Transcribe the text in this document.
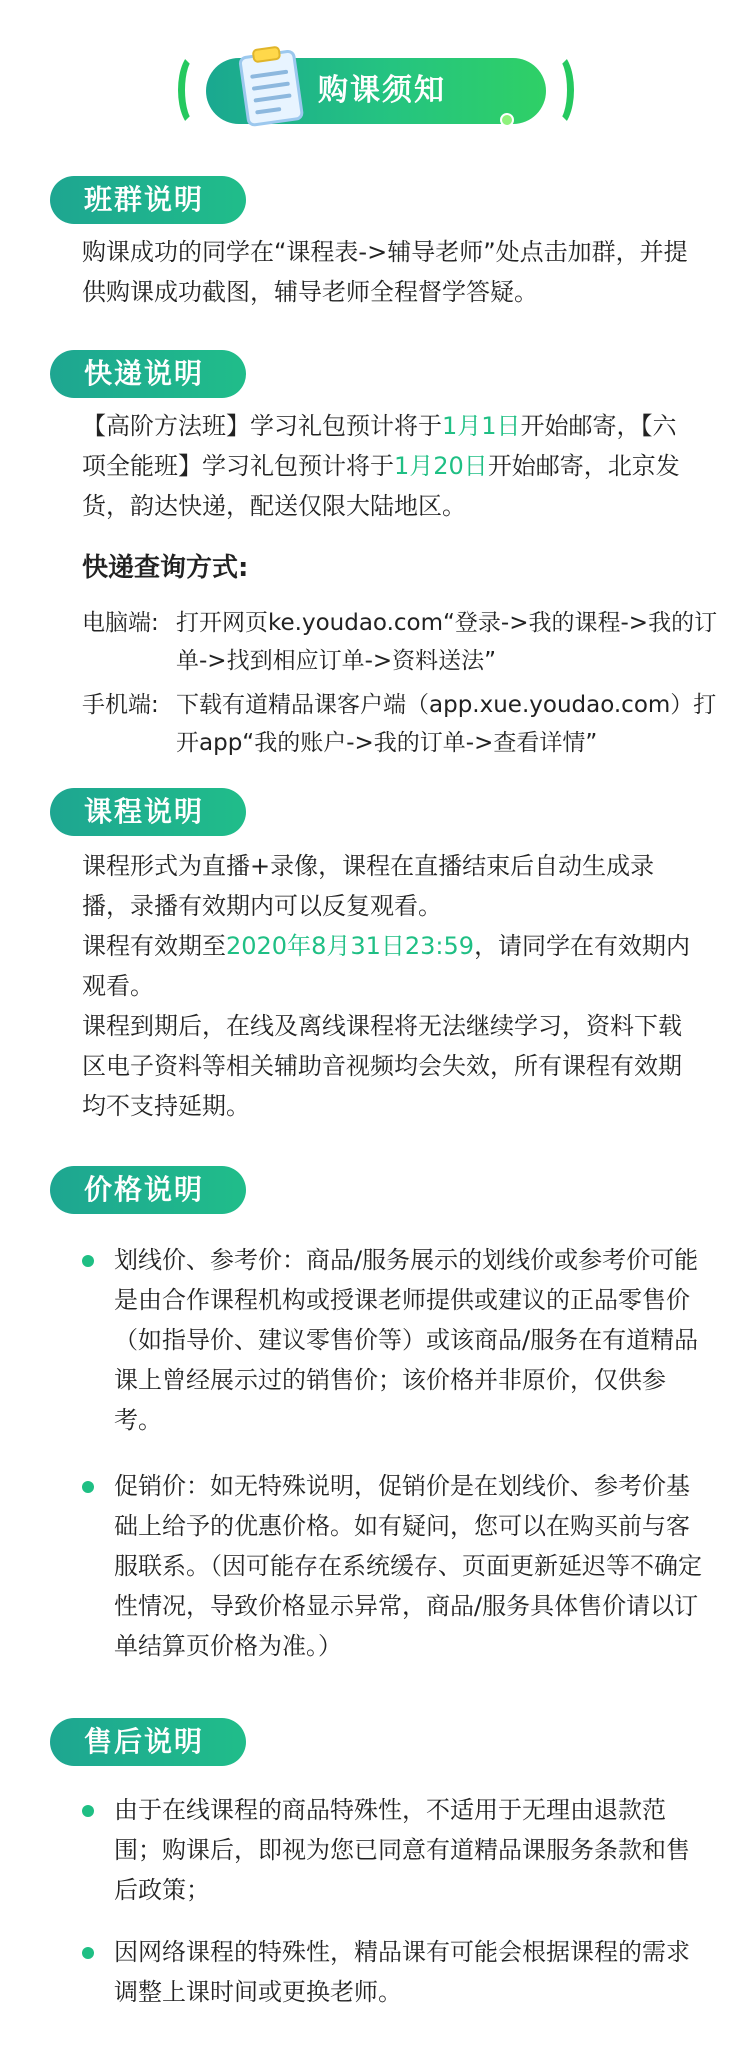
购课须知
班群说明
购课成功的同学在“课程表->辅导老师”处点击加群，并提供购课成功截图，辅导老师全程督学答疑。
快递说明
【高阶方法班】学习礼包预计将于1月1日开始邮寄，【六项全能班】学习礼包预计将于1月20日开始邮寄，北京发货，韵达快递，配送仅限大陆地区。
快递查询方式:
电脑端: 打开网页ke.youdao.com“登录->我的课程->我的订单->找到相应订单->资料送法”
手机端: 下载有道精品课客户端（app.xue.youdao.com）打开app“我的账户->我的订单->查看详情”
课程说明
课程形式为直播+录像，课程在直播结束后自动生成录播，录播有效期内可以反复观看。
课程有效期至2020年8月31日23:59，请同学在有效期内观看。
课程到期后，在线及离线课程将无法继续学习，资料下载区电子资料等相关辅助音视频均会失效，所有课程有效期均不支持延期。
价格说明
划线价、参考价：商品/服务展示的划线价或参考价可能是由合作课程机构或授课老师提供或建议的正品零售价（如指导价、建议零售价等）或该商品/服务在有道精品课上曾经展示过的销售价；该价格并非原价，仅供参考。
促销价：如无特殊说明，促销价是在划线价、参考价基础上给予的优惠价格。如有疑问，您可以在购买前与客服联系。（因可能存在系统缓存、页面更新延迟等不确定性情况，导致价格显示异常，商品/服务具体售价请以订单结算页价格为准。）
售后说明
由于在线课程的商品特殊性，不适用于无理由退款范围；购课后，即视为您已同意有道精品课服务条款和售后政策；
因网络课程的特殊性，精品课有可能会根据课程的需求调整上课时间或更换老师。
